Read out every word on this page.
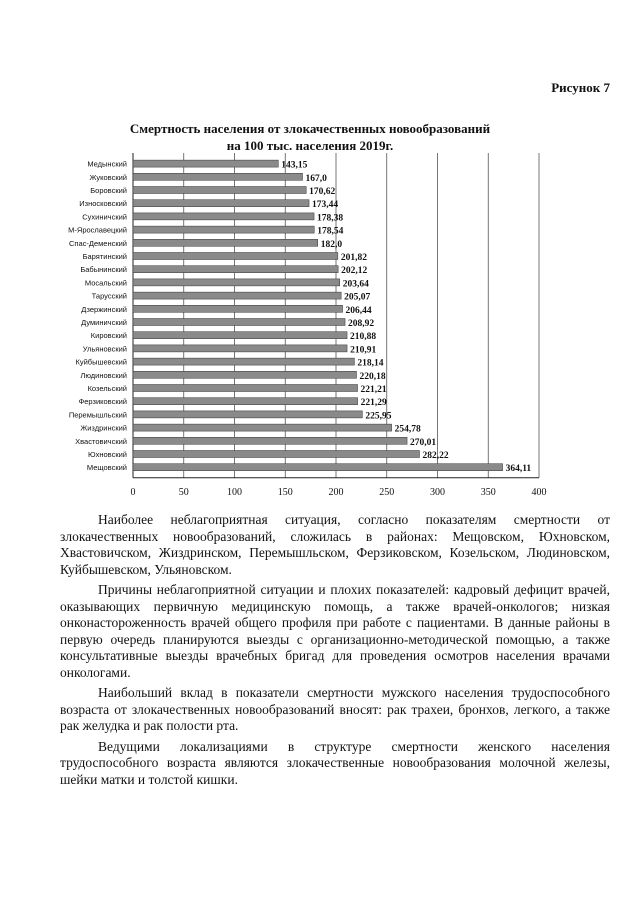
Рисунок 7
Смертность населения от злокачественных новообразований
на 100 тыс. населения 2019г.
0	50	100	150	200	250	300	350	400
Медынский	143,15
Жуковский	167,0
Боровский	170,62
Износковский	173,44
Сухиничский	178,38
М-Ярославецкий	178,54
Спас-Деменский	182,0
Барятинский	201,82
Бабынинский	202,12
Мосальский	203,64
Тарусский	205,07
Дзержинский	206,44
Думиничский	208,92
Кировский	210,88
Ульяновский	210,91
Куйбышевский	218,14
Людиновский	220,18
Козельский	221,21
Ферзиковский	221,29
Перемышльский	225,95
Жиздринский	254,78
Хвастовичский	270,01
Юхновский	282,22
Мещовский	364,11

Наиболее неблагоприятная ситуация, согласно показателям смертности от злокачественных новообразований, сложилась в районах: Мещовском, Юхновском, Хвастовичском, Жиздринском, Перемышльском, Ферзиковском, Козельском, Людиновском, Куйбышевском, Ульяновском.

Причины неблагоприятной ситуации и плохих показателей: кадровый дефицит врачей, оказывающих первичную медицинскую помощь, а также врачей-онкологов; низкая онконастороженность врачей общего профиля при работе с пациентами. В данные районы в первую очередь планируются выезды с организационно-методической помощью, а также консультативные выезды врачебных бригад для проведения осмотров населения врачами онкологами.

Наибольший вклад в показатели смертности мужского населения трудоспособного возраста от злокачественных новообразований вносят: рак трахеи, бронхов, легкого, а также рак желудка и рак полости рта.

Ведущими локализациями в структуре смертности женского населения трудоспособного возраста являются злокачественные новообразования молочной железы, шейки матки и толстой кишки.
